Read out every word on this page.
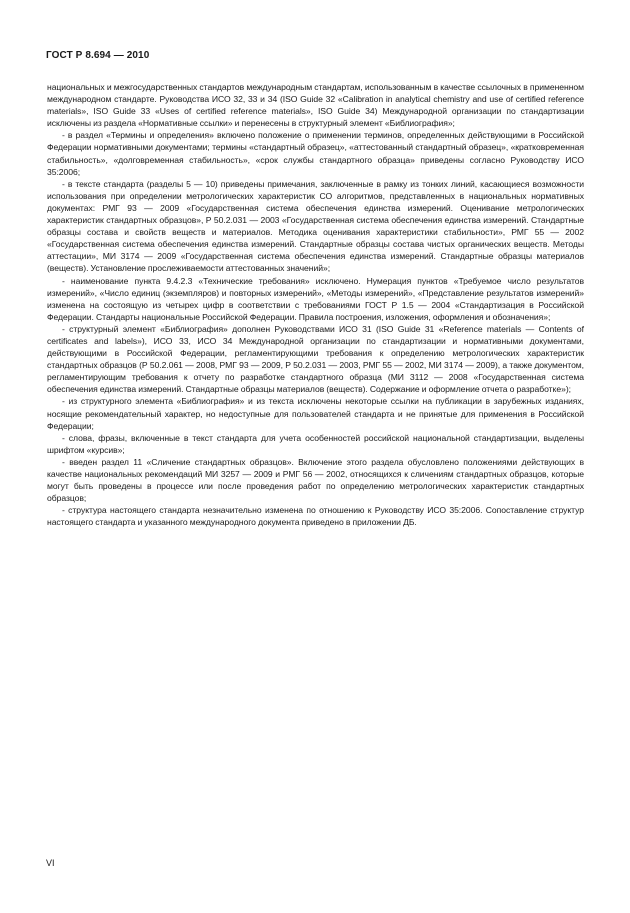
ГОСТ Р 8.694 — 2010

национальных и межгосударственных стандартов международным стандартам, использованным в качестве ссылочных в примененном международном стандарте. Руководства ИСО 32, 33 и 34 (ISO Guide 32 «Calibration in analytical chemistry and use of certified reference materials», ISO Guide 33 «Uses of certified reference materials», ISO Guide 34) Международной организации по стандартизации исключены из раздела «Нормативные ссылки» и перенесены в структурный элемент «Библиография»;

- в раздел «Термины и определения» включено положение о применении терминов, определенных действующими в Российской Федерации нормативными документами; термины «стандартный образец», «аттестованный стандартный образец», «кратковременная стабильность», «долговременная стабильность», «срок службы стандартного образца» приведены согласно Руководству ИСО 35:2006;

- в тексте стандарта (разделы 5 — 10) приведены примечания, заключенные в рамку из тонких линий, касающиеся возможности использования при определении метрологических характеристик СО алгоритмов, представленных в национальных нормативных документах: РМГ 93 — 2009 «Государственная система обеспечения единства измерений. Оценивание метрологических характеристик стандартных образцов», Р 50.2.031 — 2003 «Государственная система обеспечения единства измерений. Стандартные образцы состава и свойств веществ и материалов. Методика оценивания характеристики стабильности», РМГ 55 — 2002 «Государственная система обеспечения единства измерений. Стандартные образцы состава чистых органических веществ. Методы аттестации», МИ 3174 — 2009 «Государственная система обеспечения единства измерений. Стандартные образцы материалов (веществ). Установление прослеживаемости аттестованных значений»;

- наименование пункта 9.4.2.3 «Технические требования» исключено. Нумерация пунктов «Требуемое число результатов измерений», «Число единиц (экземпляров) и повторных измерений», «Методы измерений», «Представление результатов измерений» изменена на состоящую из четырех цифр в соответствии с требованиями ГОСТ Р 1.5 — 2004 «Стандартизация в Российской Федерации. Стандарты национальные Российской Федерации. Правила построения, изложения, оформления и обозначения»;

- структурный элемент «Библиография» дополнен Руководствами ИСО 31 (ISO Guide 31 «Reference materials — Contents of certificates and labels»), ИСО 33, ИСО 34 Международной организации по стандартизации и нормативными документами, действующими в Российской Федерации, регламентирующими требования к определению метрологических характеристик стандартных образцов (Р 50.2.061 — 2008, РМГ 93 — 2009, Р 50.2.031 — 2003, РМГ 55 — 2002, МИ 3174 — 2009), а также документом, регламентирующим требования к отчету по разработке стандартного образца (МИ 3112 — 2008 «Государственная система обеспечения единства измерений. Стандартные образцы материалов (веществ). Содержание и оформление отчета о разработке»);

- из структурного элемента «Библиография» и из текста исключены некоторые ссылки на публикации в зарубежных изданиях, носящие рекомендательный характер, но недоступные для пользователей стандарта и не принятые для применения в Российской Федерации;

- слова, фразы, включенные в текст стандарта для учета особенностей российской национальной стандартизации, выделены шрифтом «курсив»;

- введен раздел 11 «Сличение стандартных образцов». Включение этого раздела обусловлено положениями действующих в качестве национальных рекомендаций МИ 3257 — 2009 и РМГ 56 — 2002, относящихся к сличениям стандартных образцов, которые могут быть проведены в процессе или после проведения работ по определению метрологических характеристик стандартных образцов;

- структура настоящего стандарта незначительно изменена по отношению к Руководству ИСО 35:2006. Сопоставление структур настоящего стандарта и указанного международного документа приведено в приложении ДБ.

VI
